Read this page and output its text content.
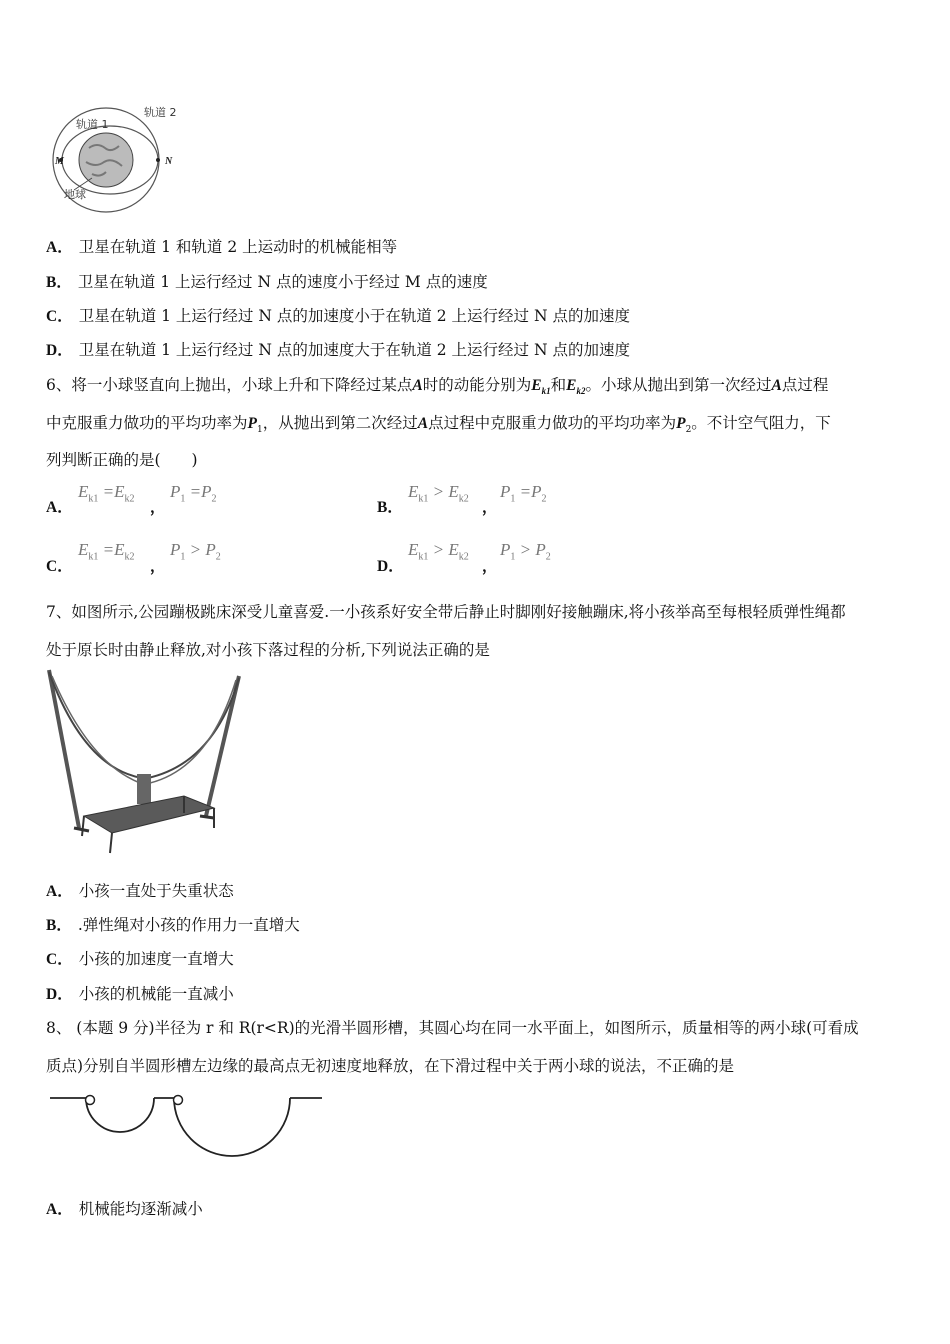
轨道 1
轨道 2
M	N
地球
A． 卫星在轨道 1 和轨道 2 上运动时的机械能相等
B． 卫星在轨道 1 上运行经过 N 点的速度小于经过 M 点的速度
C． 卫星在轨道 1 上运行经过 N 点的加速度小于在轨道 2 上运行经过 N 点的加速度
D． 卫星在轨道 1 上运行经过 N 点的加速度大于在轨道 2 上运行经过 N 点的加速度
6、将一小球竖直向上抛出，小球上升和下降经过某点A时的动能分别为$E_{k1}$和$E_{k2}$。小球从抛出到第一次经过A点过程
中克服重力做功的平均功率为$P_1$，从抛出到第二次经过A点过程中克服重力做功的平均功率为$P_2$。不计空气阻力，下
列判断正确的是(　　)
A．
$E_{k1} =E_{k2}$ ，
$P_1 =P_2$
B．
$E_{k1} > E_{k2}$ ，
$P_1 =P_2$
C．
$E_{k1} =E_{k2}$
，
$P_1 > P_2$
D．
$E_{k1} > E_{k2}$
，
$P_1 > P_2$
7、如图所示,公园蹦极跳床深受儿童喜爱.一小孩系好安全带后静止时脚刚好接触蹦床,将小孩举高至每根轻质弹性绳都
处于原长时由静止释放,对小孩下落过程的分析,下列说法正确的是
A． 小孩一直处于失重状态
B． .弹性绳对小孩的作用力一直增大
C． 小孩的加速度一直增大
D． 小孩的机械能一直减小
8、 (本题 9 分)半径为 r 和 R(r<R)的光滑半圆形槽，其圆心均在同一水平面上，如图所示，质量相等的两小球(可看成
质点)分别自半圆形槽左边缘的最高点无初速度地释放，在下滑过程中关于两小球的说法，不正确的是
A． 机械能均逐渐减小
